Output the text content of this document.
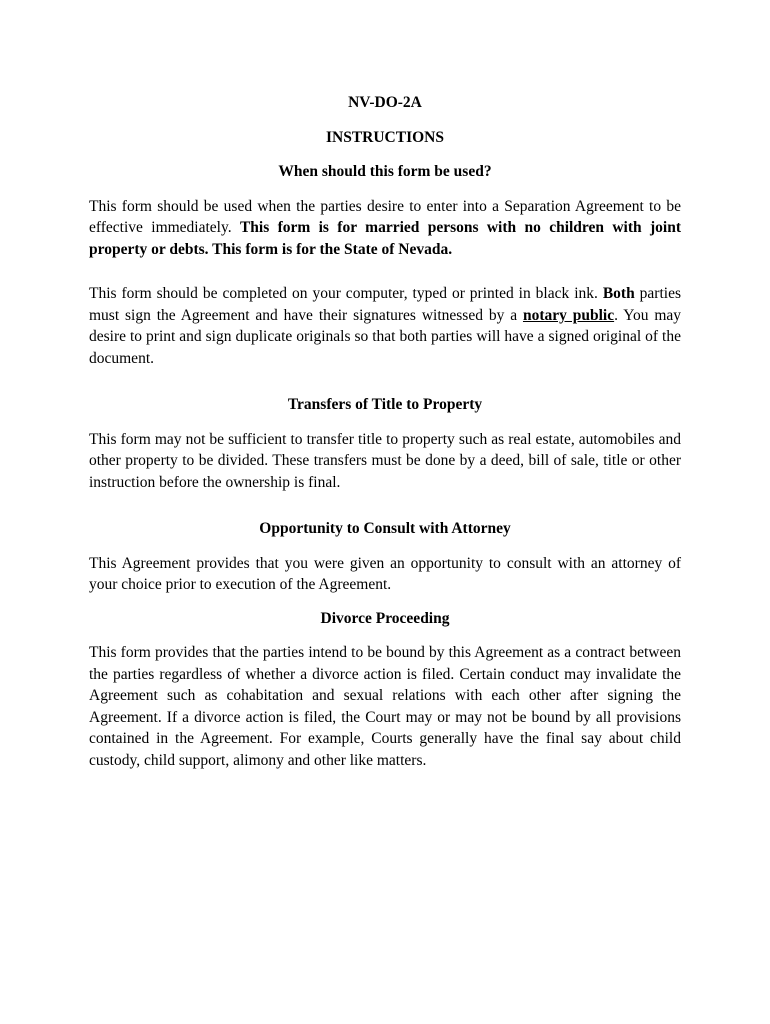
NV-DO-2A
INSTRUCTIONS
When should this form be used?

This form should be used when the parties desire to enter into a Separation Agreement to be effective immediately. This form is for married persons with no children with joint property or debts. This form is for the State of Nevada.

This form should be completed on your computer, typed or printed in black ink. Both parties must sign the Agreement and have their signatures witnessed by a notary public. You may desire to print and sign duplicate originals so that both parties will have a signed original of the document.

Transfers of Title to Property

This form may not be sufficient to transfer title to property such as real estate, automobiles and other property to be divided. These transfers must be done by a deed, bill of sale, title or other instruction before the ownership is final.

Opportunity to Consult with Attorney

This Agreement provides that you were given an opportunity to consult with an attorney of your choice prior to execution of the Agreement.

Divorce Proceeding

This form provides that the parties intend to be bound by this Agreement as a contract between the parties regardless of whether a divorce action is filed. Certain conduct may invalidate the Agreement such as cohabitation and sexual relations with each other after signing the Agreement. If a divorce action is filed, the Court may or may not be bound by all provisions contained in the Agreement. For example, Courts generally have the final say about child custody, child support, alimony and other like matters.
